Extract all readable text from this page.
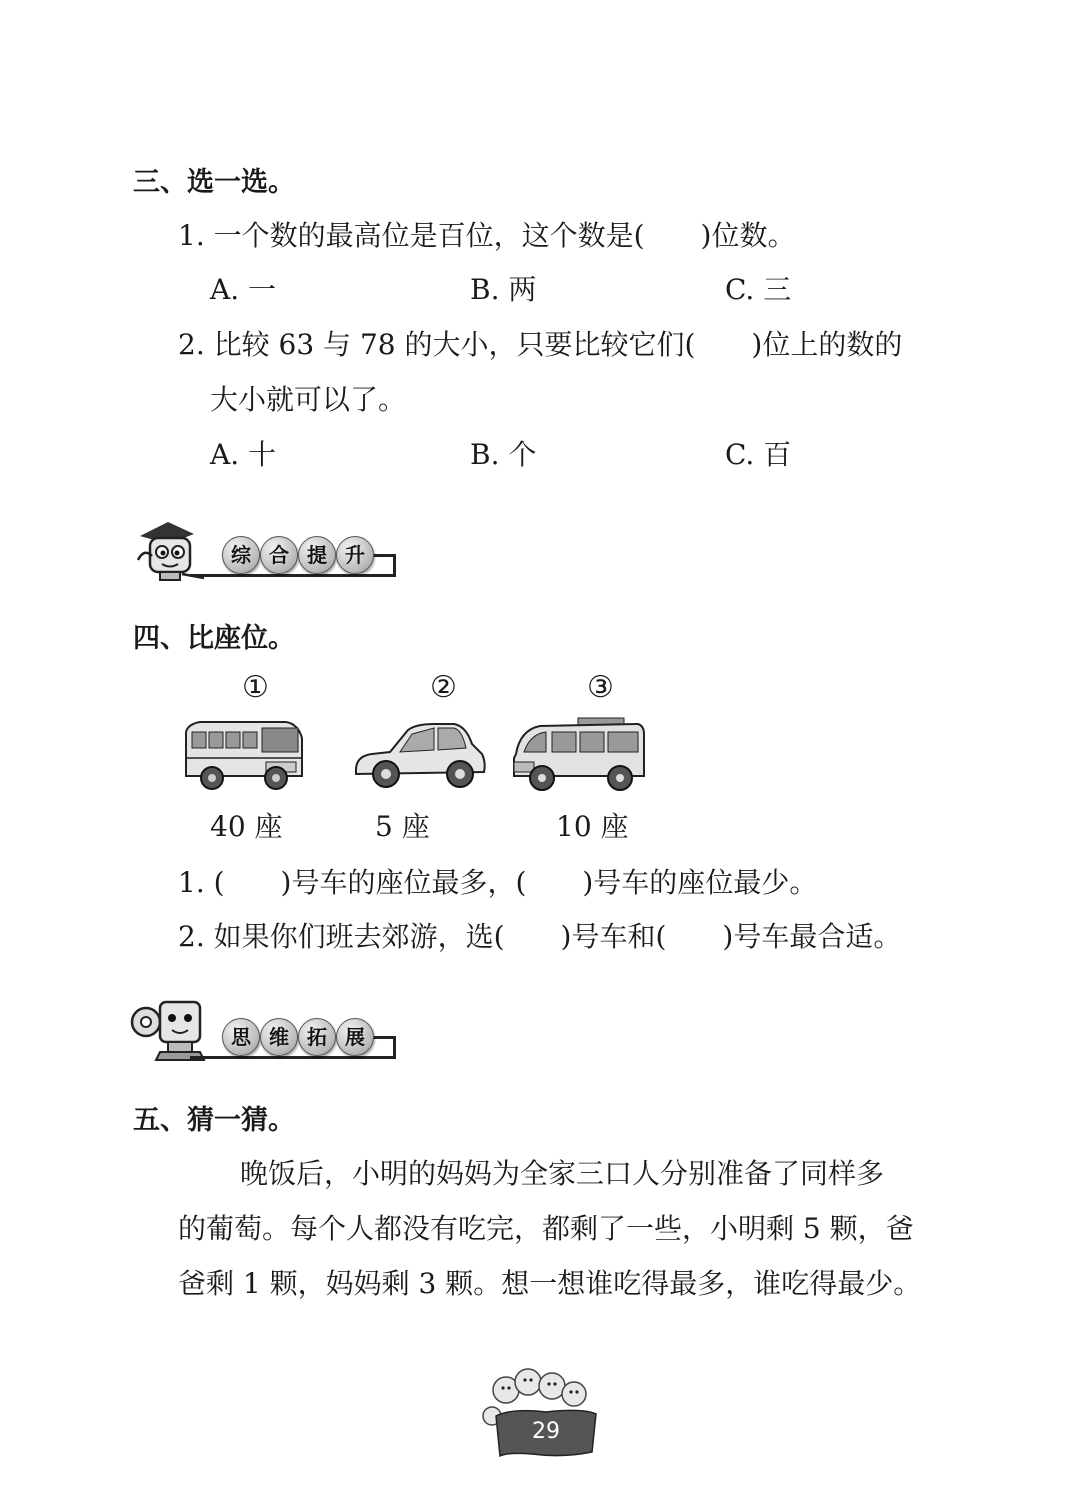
三、选一选。
1. 一个数的最高位是百位，这个数是(　　)位数。
A. 一	B. 两	C. 三
2. 比较 63 与 78 的大小，只要比较它们(　　)位上的数的
大小就可以了。
A. 十	B. 个	C. 百
综 合 提 升
四、比座位。
①	②	③
40 座	5 座	10 座
1. (　　)号车的座位最多，(　　)号车的座位最少。
2. 如果你们班去郊游，选(　　)号车和(　　)号车最合适。
思 维 拓 展
五、猜一猜。
晚饭后，小明的妈妈为全家三口人分别准备了同样多
的葡萄。每个人都没有吃完，都剩了一些，小明剩 5 颗，爸
爸剩 1 颗，妈妈剩 3 颗。想一想谁吃得最多，谁吃得最少。
29
